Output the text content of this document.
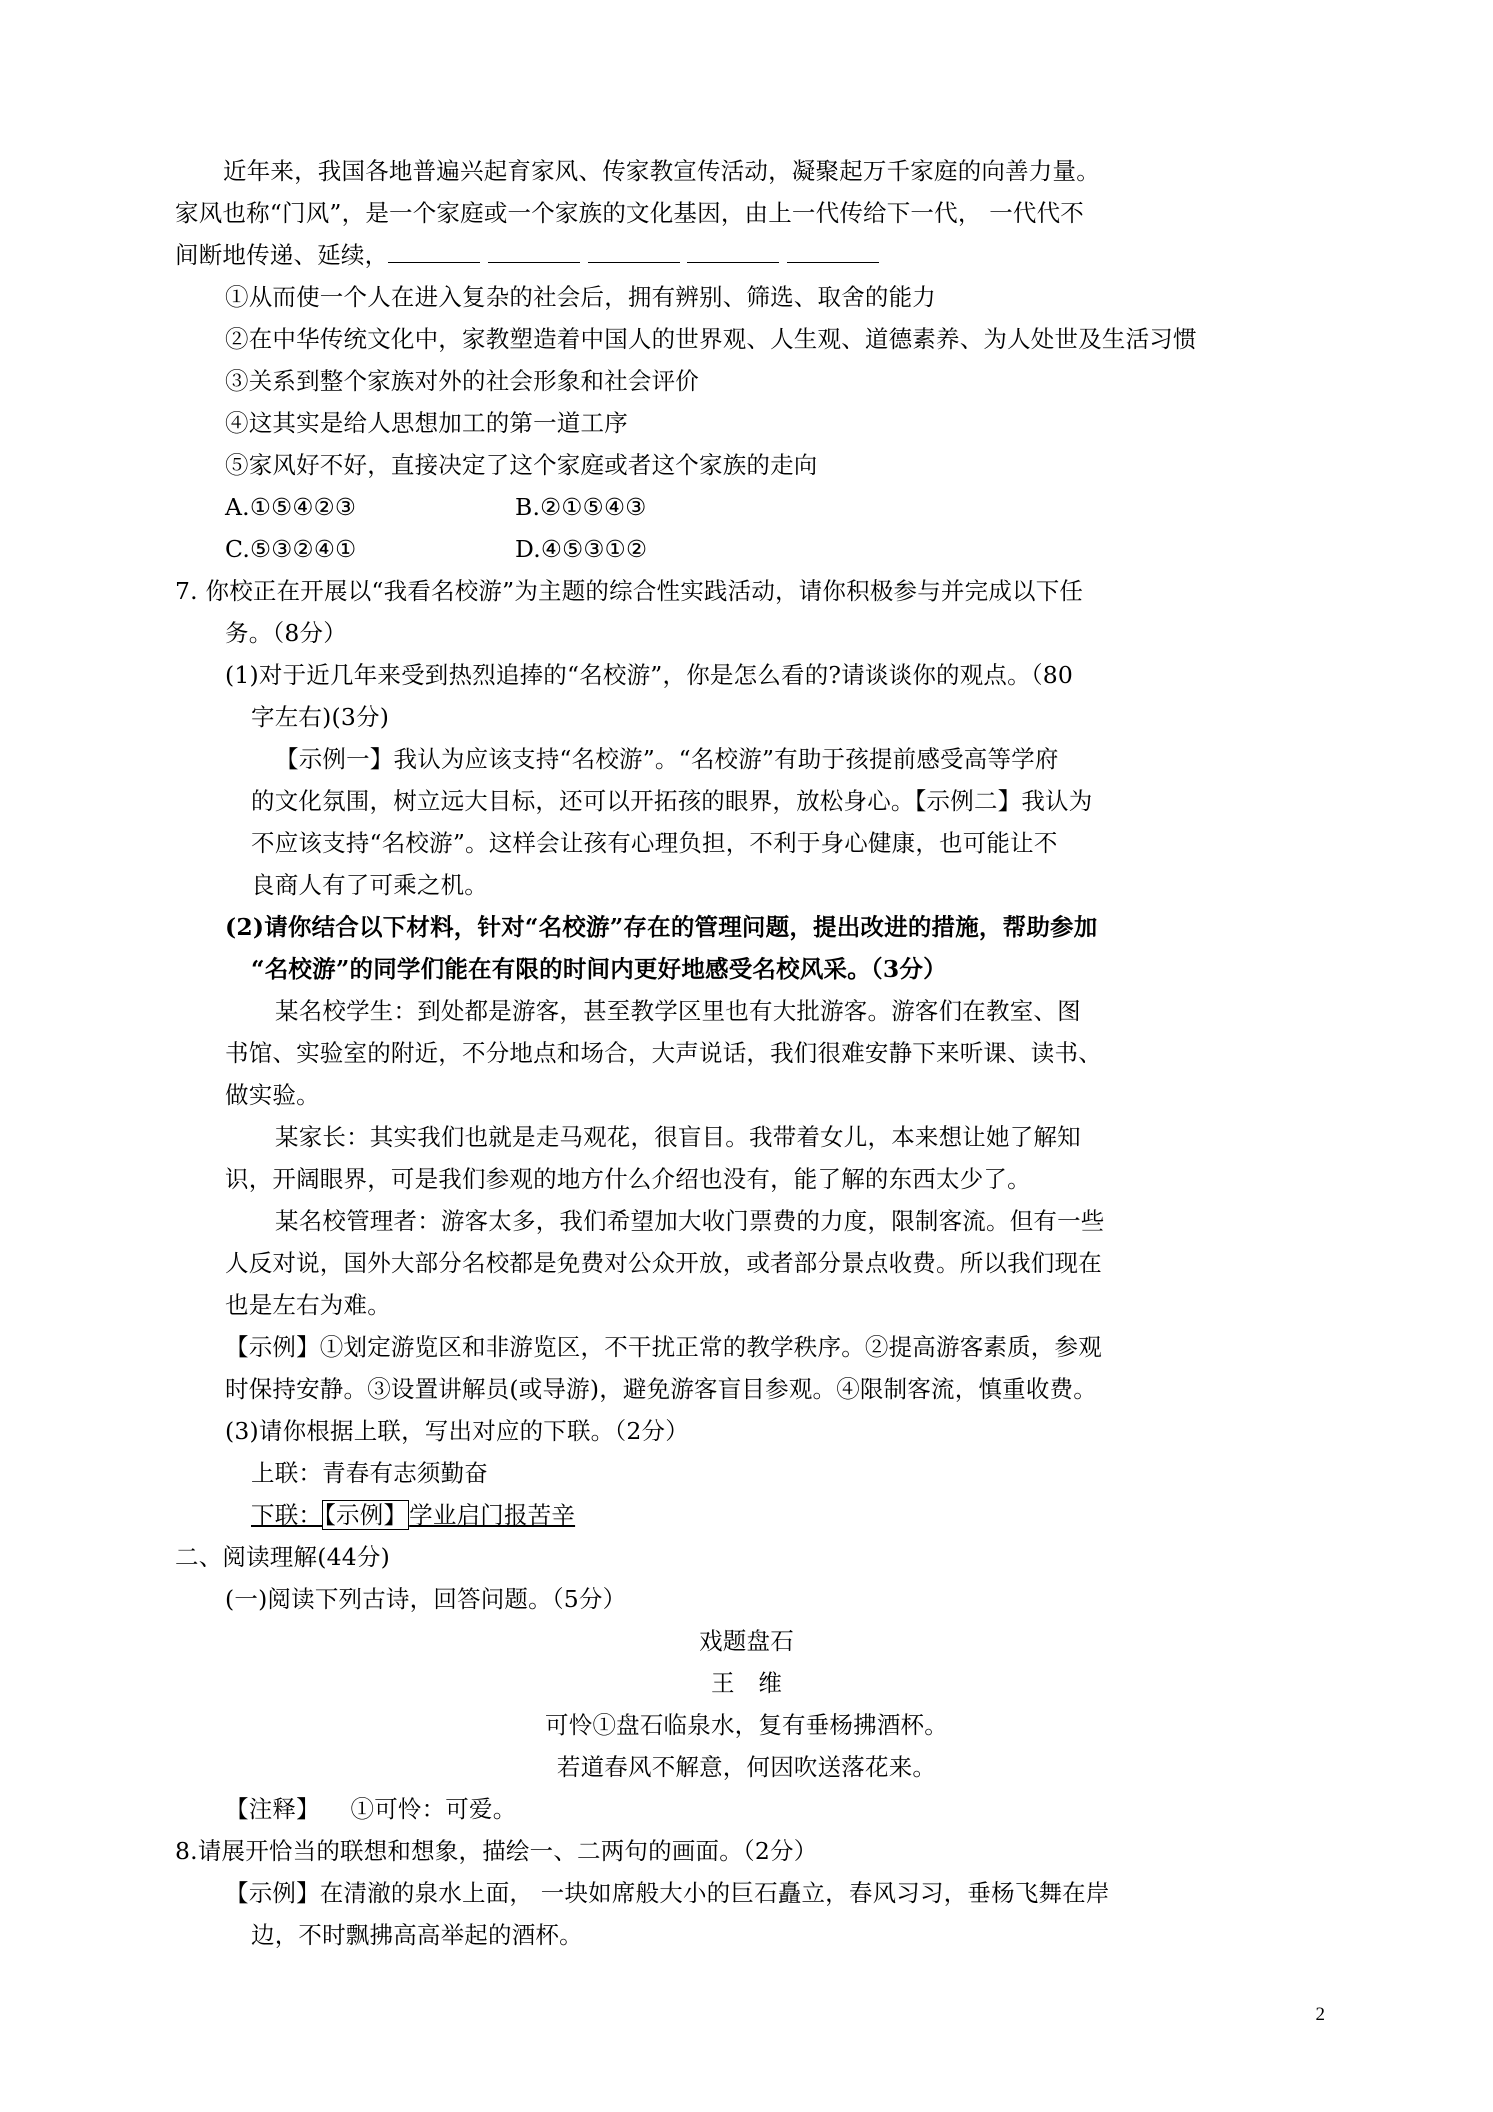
近年来，我国各地普遍兴起育家风、传家教宣传活动，凝聚起万千家庭的向善力量。

家风也称“门风”，是一个家庭或一个家族的文化基因，由上一代传给下一代， 一代代不

间断地传递、延续，

①从而使一个人在进入复杂的社会后，拥有辨别、筛选、取舍的能力

②在中华传统文化中，家教塑造着中国人的世界观、人生观、道德素养、为人处世及生活习惯

③关系到整个家族对外的社会形象和社会评价

④这其实是给人思想加工的第一道工序

⑤家风好不好，直接决定了这个家庭或者这个家族的走向

A.①⑤④②③	B.②①⑤④③
C.⑤③②④①	D.④⑤③①②

7. 你校正在开展以“我看名校游”为主题的综合性实践活动，请你积极参与并完成以下任

务。（8分）

(1)对于近几年来受到热烈追捧的“名校游”，你是怎么看的?请谈谈你的观点。（80

字左右)(3分)

【示例一】我认为应该支持“名校游”。“名校游”有助于孩提前感受高等学府

的文化氛围，树立远大目标，还可以开拓孩的眼界，放松身心。【示例二】我认为

不应该支持“名校游”。这样会让孩有心理负担，不利于身心健康，也可能让不

良商人有了可乘之机。

(2)请你结合以下材料，针对“名校游”存在的管理问题，提出改进的措施，帮助参加

“名校游”的同学们能在有限的时间内更好地感受名校风采。（3分）

某名校学生：到处都是游客，甚至教学区里也有大批游客。游客们在教室、图

书馆、实验室的附近，不分地点和场合，大声说话，我们很难安静下来听课、读书、

做实验。

某家长：其实我们也就是走马观花，很盲目。我带着女儿，本来想让她了解知

识，开阔眼界，可是我们参观的地方什么介绍也没有，能了解的东西太少了。

某名校管理者：游客太多，我们希望加大收门票费的力度，限制客流。但有一些

人反对说，国外大部分名校都是免费对公众开放，或者部分景点收费。所以我们现在

也是左右为难。

【示例】①划定游览区和非游览区，不干扰正常的教学秩序。②提高游客素质，参观

时保持安静。③设置讲解员(或导游)，避免游客盲目参观。④限制客流，慎重收费。

(3)请你根据上联，写出对应的下联。（2分）

上联：青春有志须勤奋

下联：【示例】学业启门报苦辛

二、阅读理解(44分)

(一)阅读下列古诗，回答问题。（5分）

戏题盘石

王　维

可怜①盘石临泉水，复有垂杨拂酒杯。

若道春风不解意，何因吹送落花来。

【注释】 ①可怜：可爱。

8.请展开恰当的联想和想象，描绘一、二两句的画面。（2分）

【示例】在清澈的泉水上面， 一块如席般大小的巨石矗立，春风习习，垂杨飞舞在岸

边，不时飘拂高高举起的酒杯。

2
